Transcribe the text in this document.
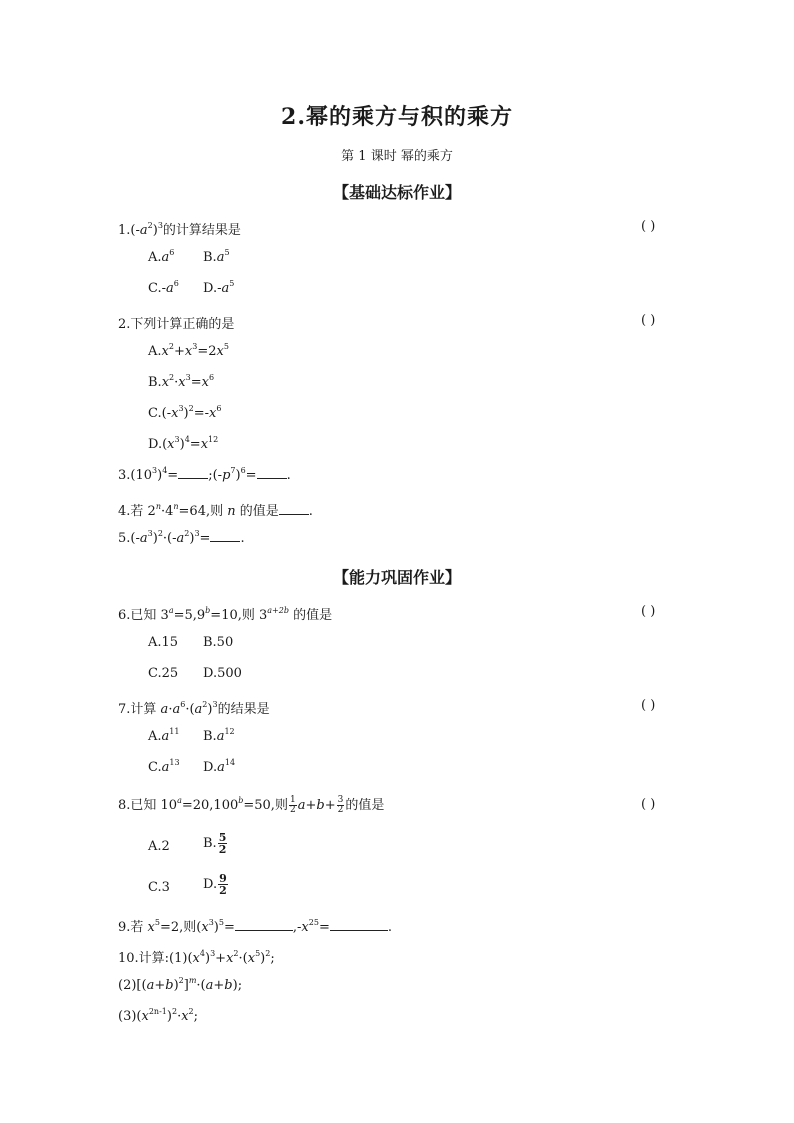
2.幂的乘方与积的乘方
第 1 课时 幂的乘方
【基础达标作业】
$1.(-a^2)^3$的计算结果是	( )
$A.a^6$ $B.a^5$
$C.-a^6$ $D.-a^5$
2.下列计算正确的是	( )
$A.x^2+x^3=2x^5$
$B.x^2\cdot x^3=x^6$
$C.(-x^3)^2=-x^6$
$D.(x^3)^4=x^{12}$
$3.(10^3)^4=$ $;(-p^7)^6=$ .
4.若 $2^n\cdot 4^n=64$,则 n 的值是 .
$5.(-a^3)^2\cdot(-a^2)^3=$ .
【能力巩固作业】
6.已知 $3^a=5,9^b=10$,则 $3^{a+2b}$ 的值是	( )
A.15 B.50
C.25 D.500
7.计算 $a\cdot a^6\cdot(a^2)^3$的结果是	( )
$A.a^{11}$ $B.a^{12}$
$C.a^{13}$ $D.a^{14}$
8.已知 $10^a=20,100^b=50$,则 $\frac{1}{2} a+b+ \frac{3}{2}$ 的值是	( )
A.2	B. $\frac{5}{2}$
C.3	D. $\frac{9}{2}$
9.若 $x^5=2$,则$(x^3)^5=$	$,-x^{25}=$	.
10.计算$:(1)(x^4)^3+x^2\cdot(x^5)^2$;
$(2)[(a+b)^2]^m\cdot(a+b)$;
$(3)(x^{2n-1})^2\cdot x^2$;
